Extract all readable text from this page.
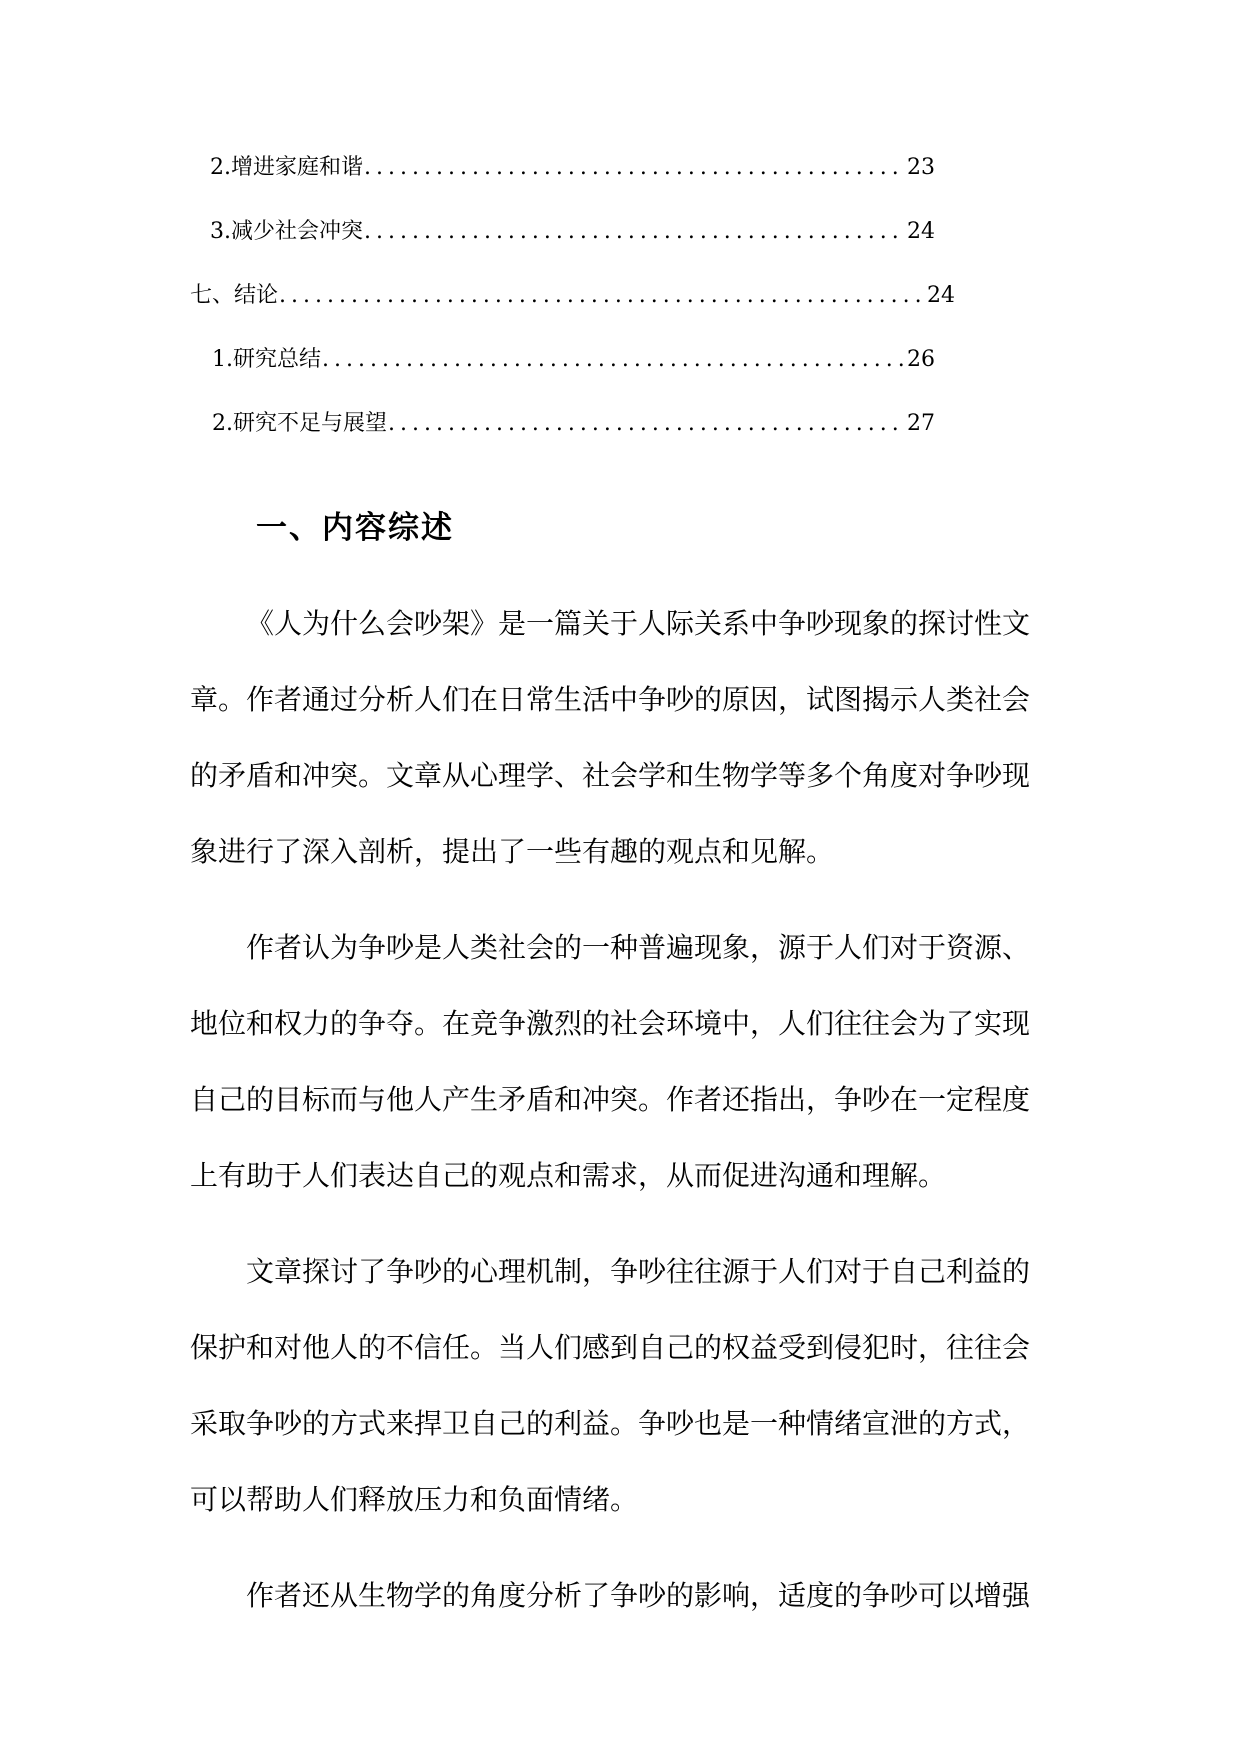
2. 增进家庭和谐 .....	23
3. 减少社会冲突 .....	24
七、结论 .....	24
1. 研究总结 .....	26
2. 研究不足与展望 .....	27
一、内容综述
《人为什么会吵架》是一篇关于人际关系中争吵现象的探讨性文
章。作者通过分析人们在日常生活中争吵的原因，试图揭示人类社会
的矛盾和冲突。文章从心理学、社会学和生物学等多个角度对争吵现
象进行了深入剖析，提出了一些有趣的观点和见解。
作者认为争吵是人类社会的一种普遍现象，源于人们对于资源、
地位和权力的争夺。在竞争激烈的社会环境中，人们往往会为了实现
自己的目标而与他人产生矛盾和冲突。作者还指出，争吵在一定程度
上有助于人们表达自己的观点和需求，从而促进沟通和理解。
文章探讨了争吵的心理机制，争吵往往源于人们对于自己利益的
保护和对他人的不信任。当人们感到自己的权益受到侵犯时，往往会
采取争吵的方式来捍卫自己的利益。争吵也是一种情绪宣泄的方式，
可以帮助人们释放压力和负面情绪。
作者还从生物学的角度分析了争吵的影响，适度的争吵可以增强
